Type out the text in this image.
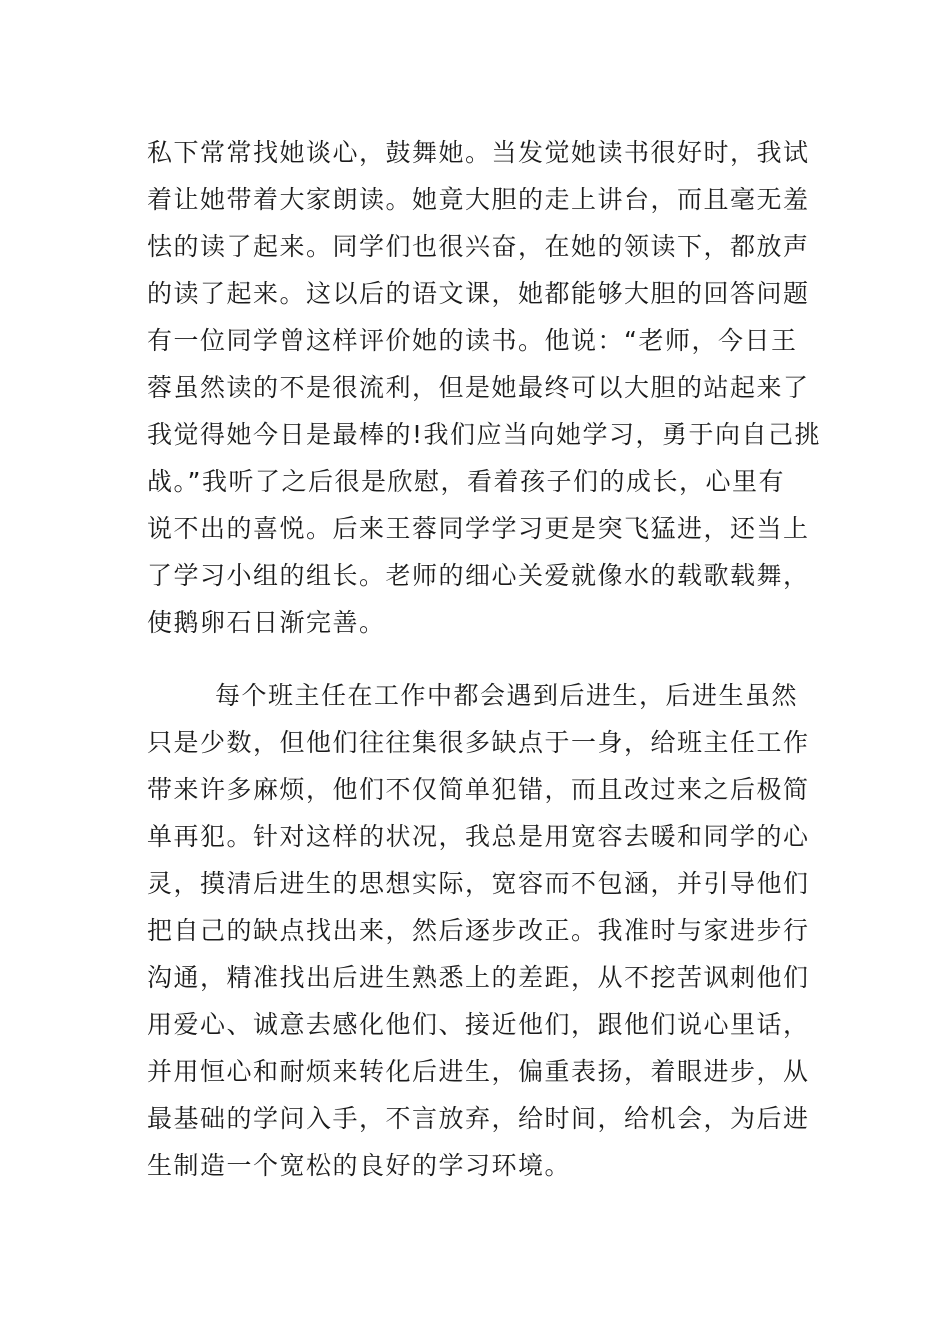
私下常常找她谈心，鼓舞她。当发觉她读书很好时，我试
着让她带着大家朗读。她竟大胆的走上讲台，而且毫无羞
怯的读了起来。同学们也很兴奋，在她的领读下，都放声
的读了起来。这以后的语文课，她都能够大胆的回答问题
有一位同学曾这样评价她的读书。他说：“老师，今日王
蓉虽然读的不是很流利，但是她最终可以大胆的站起来了
我觉得她今日是最棒的!我们应当向她学习，勇于向自己挑
战。”我听了之后很是欣慰，看着孩子们的成长，心里有
说不出的喜悦。后来王蓉同学学习更是突飞猛进，还当上
了学习小组的组长。老师的细心关爱就像水的载歌载舞，
使鹅卵石日渐完善。
每个班主任在工作中都会遇到后进生，后进生虽然
只是少数，但他们往往集很多缺点于一身，给班主任工作
带来许多麻烦，他们不仅简单犯错，而且改过来之后极简
单再犯。针对这样的状况，我总是用宽容去暖和同学的心
灵，摸清后进生的思想实际，宽容而不包涵，并引导他们
把自己的缺点找出来，然后逐步改正。我准时与家进步行
沟通，精准找出后进生熟悉上的差距，从不挖苦讽刺他们
用爱心、诚意去感化他们、接近他们，跟他们说心里话，
并用恒心和耐烦来转化后进生，偏重表扬，着眼进步，从
最基础的学问入手，不言放弃，给时间，给机会，为后进
生制造一个宽松的良好的学习环境。
